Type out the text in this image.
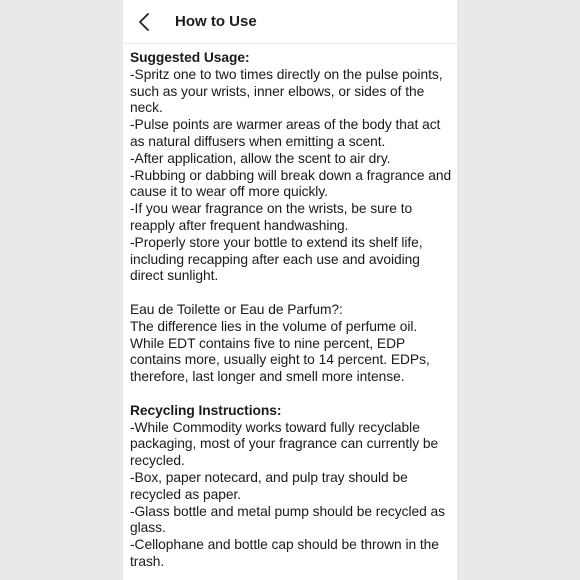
How to Use
Suggested Usage:
-Spritz one to two times directly on the pulse points, such as your wrists, inner elbows, or sides of the neck.
-Pulse points are warmer areas of the body that act as natural diffusers when emitting a scent.
-After application, allow the scent to air dry.
-Rubbing or dabbing will break down a fragrance and cause it to wear off more quickly.
-If you wear fragrance on the wrists, be sure to reapply after frequent handwashing.
-Properly store your bottle to extend its shelf life, including recapping after each use and avoiding direct sunlight.
Eau de Toilette or Eau de Parfum?:
The difference lies in the volume of perfume oil. While EDT contains five to nine percent, EDP contains more, usually eight to 14 percent. EDPs, therefore, last longer and smell more intense.
Recycling Instructions:
-While Commodity works toward fully recyclable packaging, most of your fragrance can currently be recycled.
-Box, paper notecard, and pulp tray should be recycled as paper.
-Glass bottle and metal pump should be recycled as glass.
-Cellophane and bottle cap should be thrown in the trash.
